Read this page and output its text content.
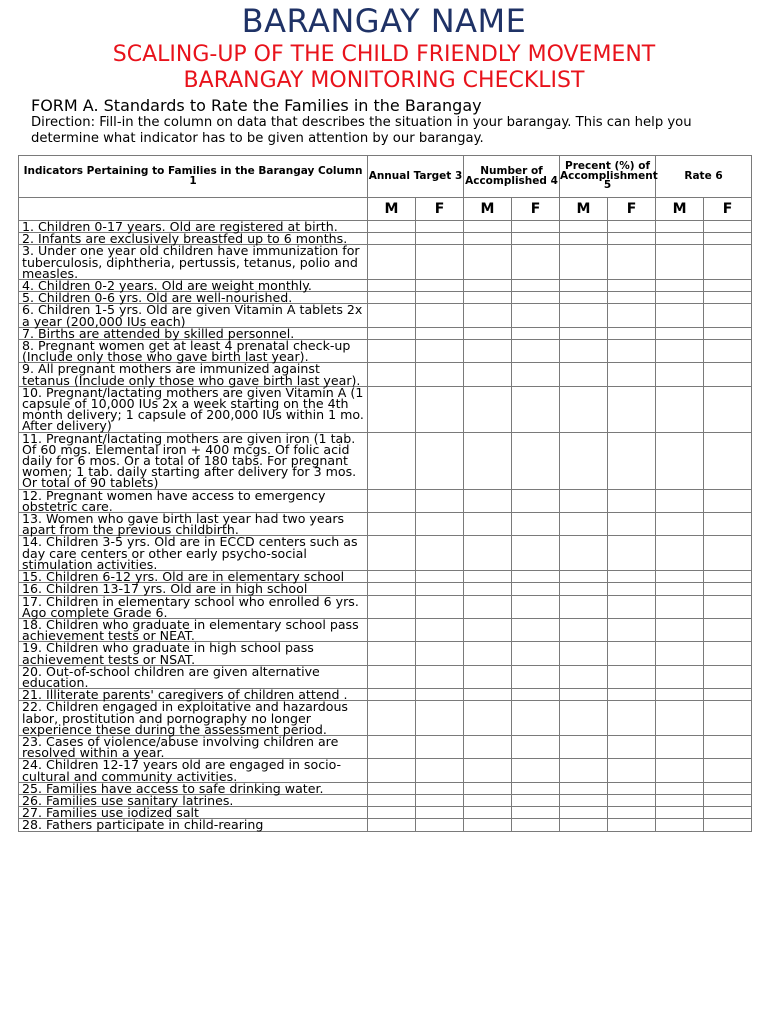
BARANGAY NAME
SCALING-UP OF THE CHILD FRIENDLY MOVEMENT
BARANGAY MONITORING CHECKLIST
FORM A. Standards to Rate the Families in the Barangay
Direction: Fill-in the column on data that describes the situation in your barangay. This can help you determine what indicator has to be given attention by our barangay.
Indicators Pertaining to Families in the Barangay Column 1	Annual Target 3		Number of Accomplished 4		Precent (%) of Accomplishment 5		Rate 6	
	M	F	M	F	M	F	M	F
1. Children 0-17 years. Old are registered at birth.								
2. Infants are exclusively breastfed up to 6 months.								
3. Under one year old children have immunization for tuberculosis, diphtheria, pertussis, tetanus, polio and measles.								
4. Children 0-2 years. Old are weight monthly.								
5. Children 0-6 yrs. Old are well-nourished.								
6. Children 1-5 yrs. Old are given Vitamin A tablets 2x a year (200,000 IUs each)								
7. Births are attended by skilled personnel.								
8. Pregnant women get at least 4 prenatal check-up (Include only those who gave birth last year).								
9. All pregnant mothers are immunized against tetanus (Include only those who gave birth last year).								
10. Pregnant/lactating mothers are given Vitamin A (1 capsule of 10,000 IUs 2x a week starting on the 4th month delivery; 1 capsule of 200,000 IUs within 1 mo. After delivery)								
11. Pregnant/lactating mothers are given iron (1 tab. Of 60 mgs. Elemental iron + 400 mcgs. Of folic acid daily for 6 mos. Or a total of 180 tabs. For pregnant women; 1 tab. daily starting after delivery for 3 mos. Or total of 90 tablets)								
12. Pregnant women have access to emergency obstetric care.								
13. Women who gave birth last year had two years apart from the previous childbirth.								
14. Children 3-5 yrs. Old are in ECCD centers such as day care centers or other early psycho-social stimulation activities.								
15. Children 6-12 yrs. Old are in elementary school								
16. Children 13-17 yrs. Old are in high school								
17. Children in elementary school who enrolled 6 yrs. Ago complete Grade 6.								
18. Children who graduate in elementary school pass achievement tests or NEAT.								
19. Children who graduate in high school pass achievement tests or NSAT.								
20. Out-of-school children are given alternative education.								
21. Illiterate parents' caregivers of children attend .								
22. Children engaged in exploitative and hazardous labor, prostitution and pornography no longer experience these during the assessment period.								
23. Cases of violence/abuse involving children are resolved within a year.								
24. Children 12-17 years old are engaged in socio-cultural and community activities.								
25. Families have access to safe drinking water.								
26. Families use sanitary latrines.								
27. Families use iodized salt								
28. Fathers participate in child-rearing								
